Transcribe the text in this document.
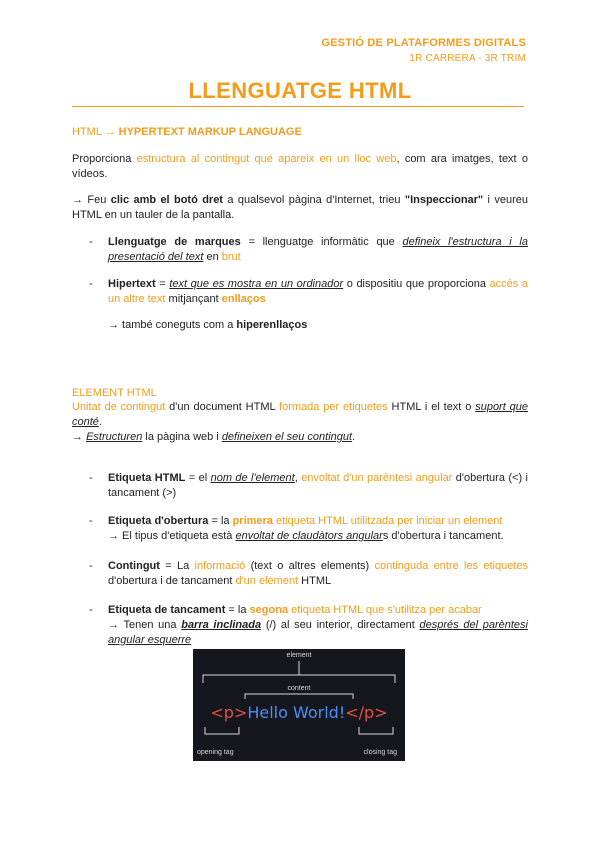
GESTIÓ DE PLATAFORMES DIGITALS
1R CARRERA - 3R TRIM
LLENGUATGE HTML
HTML → HYPERTEXT MARKUP LANGUAGE
Proporciona estructura al contingut que apareix en un lloc web, com ara imatges, text o vídeos.
→ Feu clic amb el botó dret a qualsevol pàgina d'Internet, trieu "Inspeccionar" i veureu HTML en un tauler de la pantalla.
- Llenguatge de marques = llenguatge informàtic que defineix l'estructura i la presentació del text en brut
- Hipertext = text que es mostra en un ordinador o dispositiu que proporciona accés a un altre text mitjançant enllaços
→ també coneguts com a hiperenllaços
ELEMENT HTML
Unitat de contingut d'un document HTML formada per etiquetes HTML i el text o suport que conté.
→ Estructuren la pàgina web i defineixen el seu contingut.
- Etiqueta HTML = el nom de l'element, envoltat d'un parèntesi angular d'obertura (<) i tancament (>)
- Etiqueta d'obertura = la primera etiqueta HTML utilitzada per iniciar un element
→ El tipus d'etiqueta està envoltat de claudàtors angulars d'obertura i tancament.
- Contingut = La informació (text o altres elements) contingudа entre les etiquetes d'obertura i de tancament d'un element HTML
- Etiqueta de tancament = la segona etiqueta HTML que s'utilitza per acabar
→ Tenen una barra inclinada (/) al seu interior, directament després del parèntesi angular esquerre
element
content
<p>Hello World!</p>
opening tag	closing tag
